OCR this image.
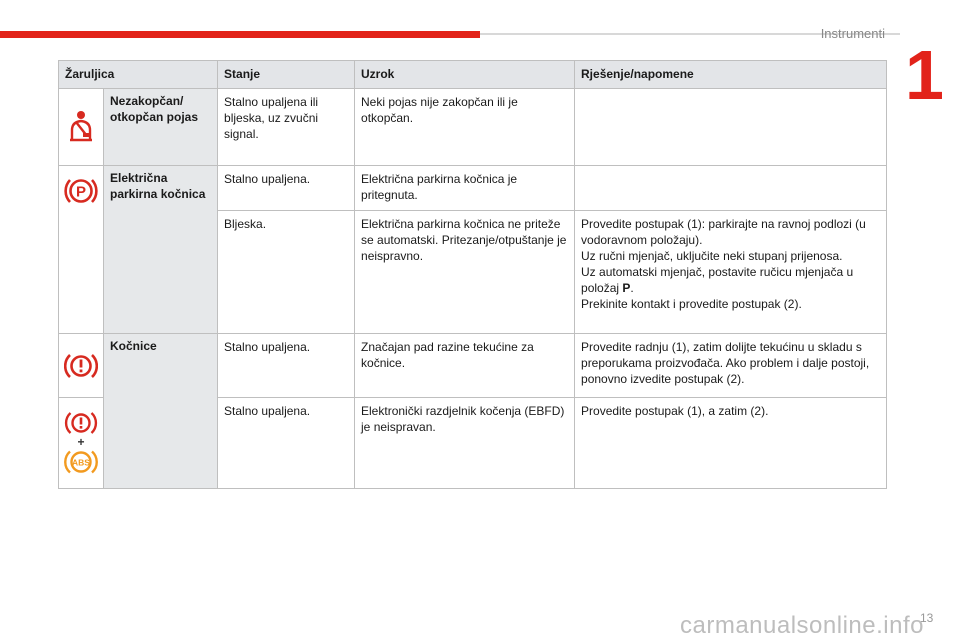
Instrumenti
1
Žaruljica		Stanje	Uzrok	Rješenje/napomene

	Nezakopčan/ otkopčan pojas	Stalno upaljena ili bljeska, uz zvučni signal.	Neki pojas nije zakopčan ili je otkopčan.	

P	Električna parkirna kočnica	Stalno upaljena.	Električna parkirna kočnica je pritegnuta.	
		Bljeska.	Električna parkirna kočnica ne priteže se automatski. Pritezanje/otpuštanje je neispravno.	Provedite postupak (1): parkirajte na ravnoj podlozi (u vodoravnom položaju).
Uz ručni mjenjač, uključite neki stupanj prijenosa.
Uz automatski mjenjač, postavite ručicu mjenjača u položaj P.
Prekinite kontakt i provedite postupak (2).

	Kočnice	Stalno upaljena.	Značajan pad razine tekućine za kočnice.	Provedite radnju (1), zatim dolijte tekućinu u skladu s preporukama proizvođača. Ako problem i dalje postoji, ponovno izvedite postupak (2).

+
ABS		Stalno upaljena.	Elektronički razdjelnik kočenja (EBFD) je neispravan.	Provedite postupak (1), a zatim (2).
carmanualsonline.info
13
